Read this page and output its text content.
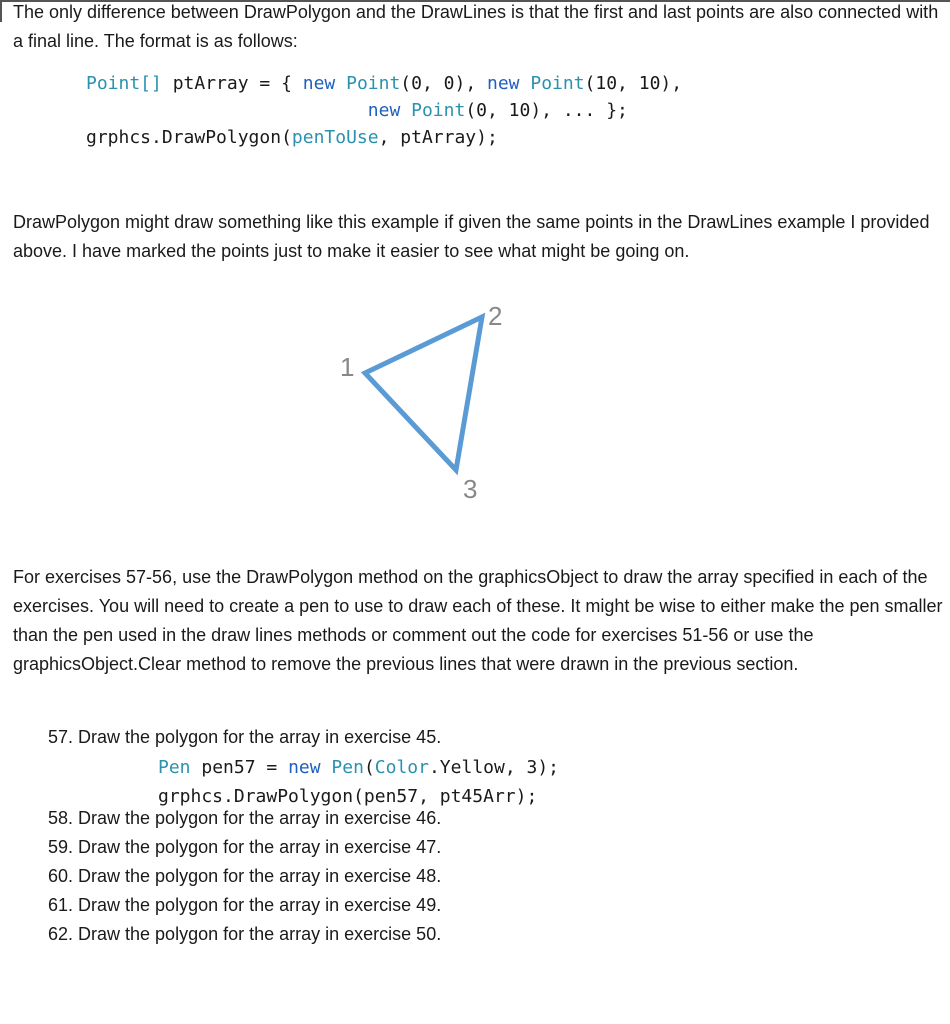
The only difference between DrawPolygon and the DrawLines is that the first and last points are also connected with a final line. The format is as follows:

Point[] ptArray = { new Point(0, 0), new Point(10, 10),
new Point(0, 10), ... };
grphcs.DrawPolygon(penToUse, ptArray);

DrawPolygon might draw something like this example if given the same points in the DrawLines example I provided above. I have marked the points just to make it easier to see what might be going on.

1
2
3

For exercises 57-56, use the DrawPolygon method on the graphicsObject to draw the array specified in each of the exercises. You will need to create a pen to use to draw each of these. It might be wise to either make the pen smaller than the pen used in the draw lines methods or comment out the code for exercises 51-56 or use the graphicsObject.Clear method to remove the previous lines that were drawn in the previous section.

57. Draw the polygon for the array in exercise 45.
Pen pen57 = new Pen(Color.Yellow, 3);
grphcs.DrawPolygon(pen57, pt45Arr);
58. Draw the polygon for the array in exercise 46.
59. Draw the polygon for the array in exercise 47.
60. Draw the polygon for the array in exercise 48.
61. Draw the polygon for the array in exercise 49.
62. Draw the polygon for the array in exercise 50.
